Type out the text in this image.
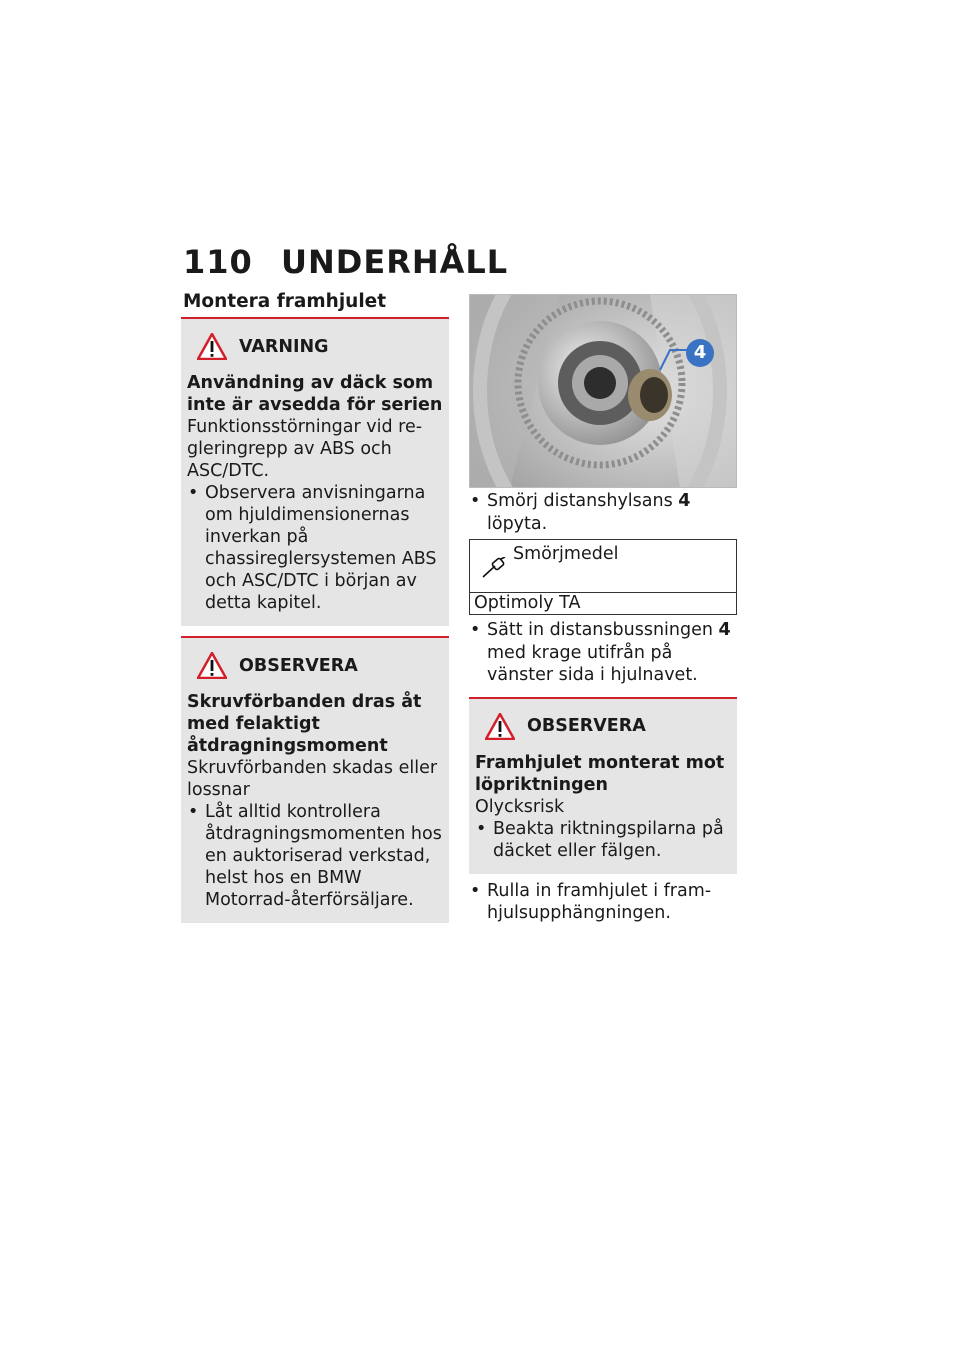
110 UNDERHÅLL
Montera framhjulet
VARNING

Användning av däck som inte är avsedda för serien

Funktionsstörningar vid regleringrepp av ABS och ASC/DTC.

• Observera anvisningarna om hjuldimensionernas inverkan på chassireglersystemen ABS och ASC/DTC i början av detta kapitel.
OBSERVERA

Skruvförbanden dras åt med felaktigt åtdragningsmoment

Skruvförbanden skadas eller lossnar

• Låt alltid kontrollera åtdragningsmomenten hos en auktoriserad verkstad, helst hos en BMW Motorrad-återförsäljare.
4
• Smörj distanshylsans 4 löpyta.
Smörjmedel
Optimoly TA
• Sätt in distansbussningen 4 med krage utifrån på vänster sida i hjulnavet.
OBSERVERA

Framhjulet monterat mot löpriktningen

Olycksrisk

• Beakta riktningspilarna på däcket eller fälgen.
• Rulla in framhjulet i framhjulsupphängningen.
